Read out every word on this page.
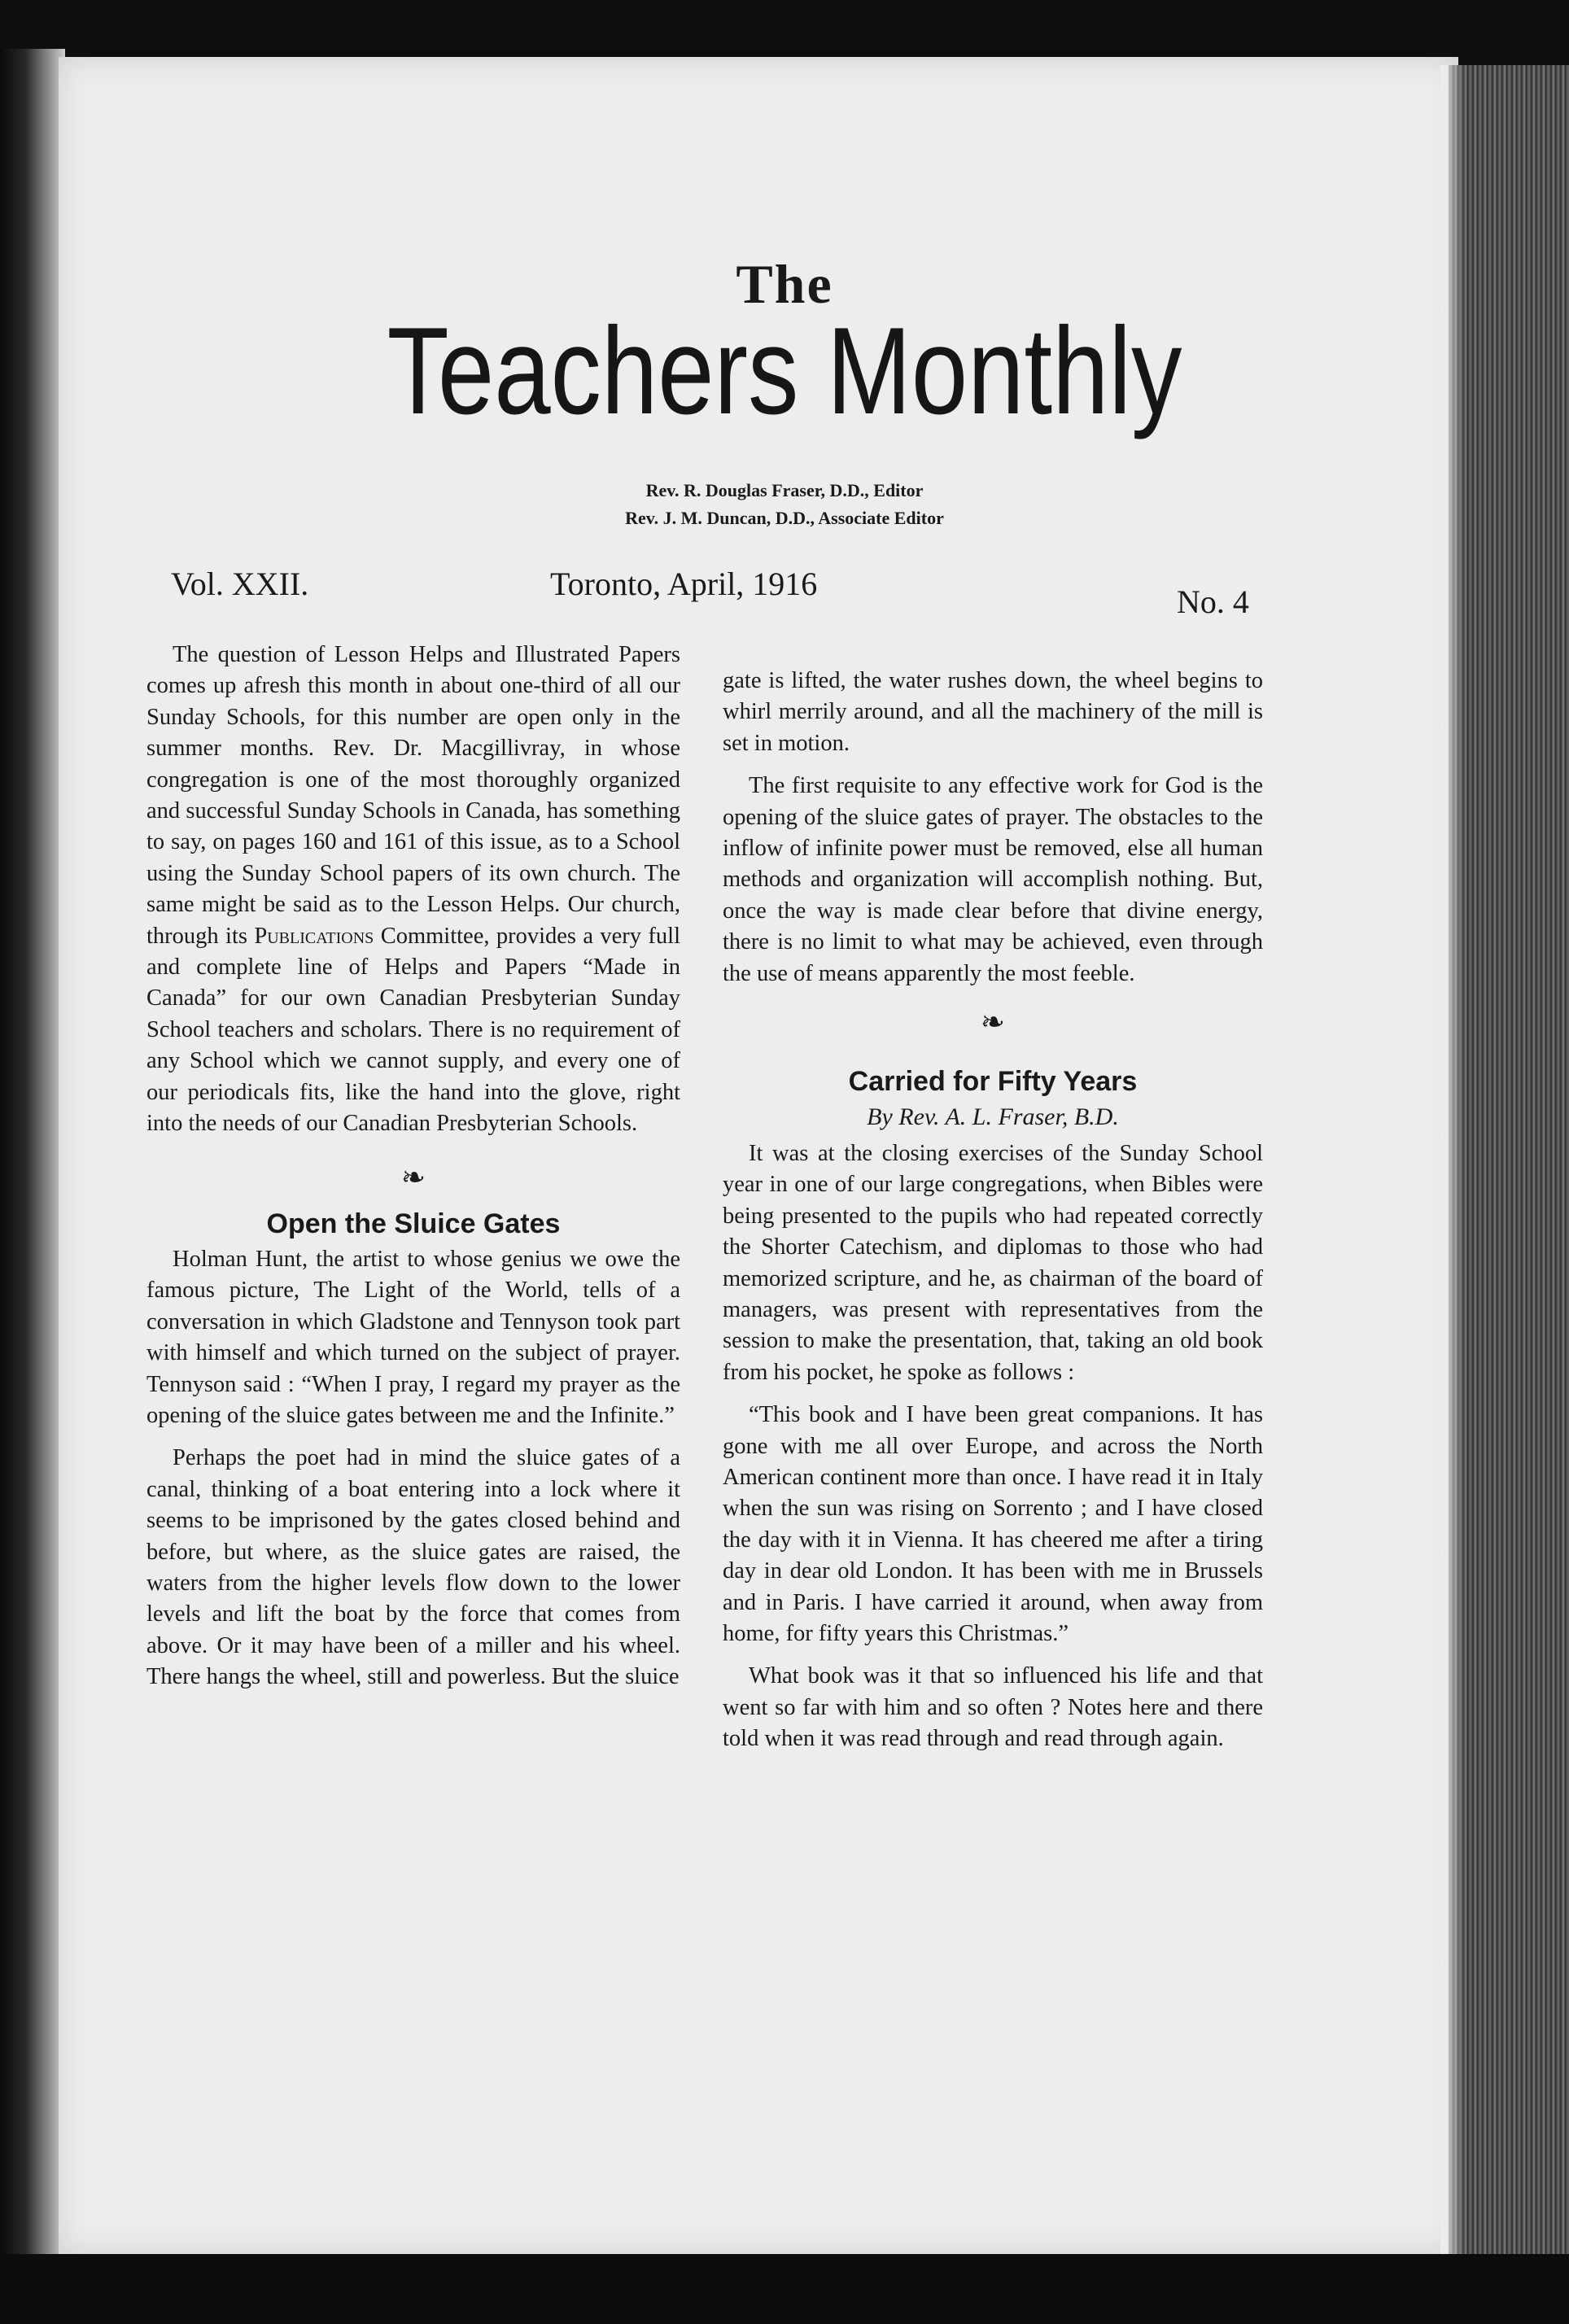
The
Teachers Monthly
Rev. R. Douglas Fraser, D.D., Editor
Rev. J. M. Duncan, D.D., Associate Editor
Vol. XXII.	Toronto, April, 1916	No. 4

The question of Lesson Helps and Illustrated Papers comes up afresh this month in about one-third of all our Sunday Schools, for this number are open only in the summer months. Rev. Dr. Macgillivray, in whose congregation is one of the most thoroughly organized and successful Sunday Schools in Canada, has something to say, on pages 160 and 161 of this issue, as to a School using the Sunday School papers of its own church. The same might be said as to the Lesson Helps. Our church, through its Publications Committee, provides a very full and complete line of Helps and Papers “Made in Canada” for our own Canadian Presbyterian Sunday School teachers and scholars. There is no requirement of any School which we cannot supply, and every one of our periodicals fits, like the hand into the glove, right into the needs of our Canadian Presbyterian Schools.

❧
Open the Sluice Gates

Holman Hunt, the artist to whose genius we owe the famous picture, The Light of the World, tells of a conversation in which Gladstone and Tennyson took part with himself and which turned on the subject of prayer. Tennyson said : “When I pray, I regard my prayer as the opening of the sluice gates between me and the Infinite.”

Perhaps the poet had in mind the sluice gates of a canal, thinking of a boat entering into a lock where it seems to be imprisoned by the gates closed behind and before, but where, as the sluice gates are raised, the waters from the higher levels flow down to the lower levels and lift the boat by the force that comes from above. Or it may have been of a miller and his wheel. There hangs the wheel, still and powerless. But the sluice

gate is lifted, the water rushes down, the wheel begins to whirl merrily around, and all the machinery of the mill is set in motion.

The first requisite to any effective work for God is the opening of the sluice gates of prayer. The obstacles to the inflow of infinite power must be removed, else all human methods and organization will accomplish nothing. But, once the way is made clear before that divine energy, there is no limit to what may be achieved, even through the use of means apparently the most feeble.

❧
Carried for Fifty Years
By Rev. A. L. Fraser, B.D.

It was at the closing exercises of the Sunday School year in one of our large congregations, when Bibles were being presented to the pupils who had repeated correctly the Shorter Catechism, and diplomas to those who had memorized scripture, and he, as chairman of the board of managers, was present with representatives from the session to make the presentation, that, taking an old book from his pocket, he spoke as follows :

“This book and I have been great companions. It has gone with me all over Europe, and across the North American continent more than once. I have read it in Italy when the sun was rising on Sorrento ; and I have closed the day with it in Vienna. It has cheered me after a tiring day in dear old London. It has been with me in Brussels and in Paris. I have carried it around, when away from home, for fifty years this Christmas.”

What book was it that so influenced his life and that went so far with him and so often ? Notes here and there told when it was read through and read through again.
